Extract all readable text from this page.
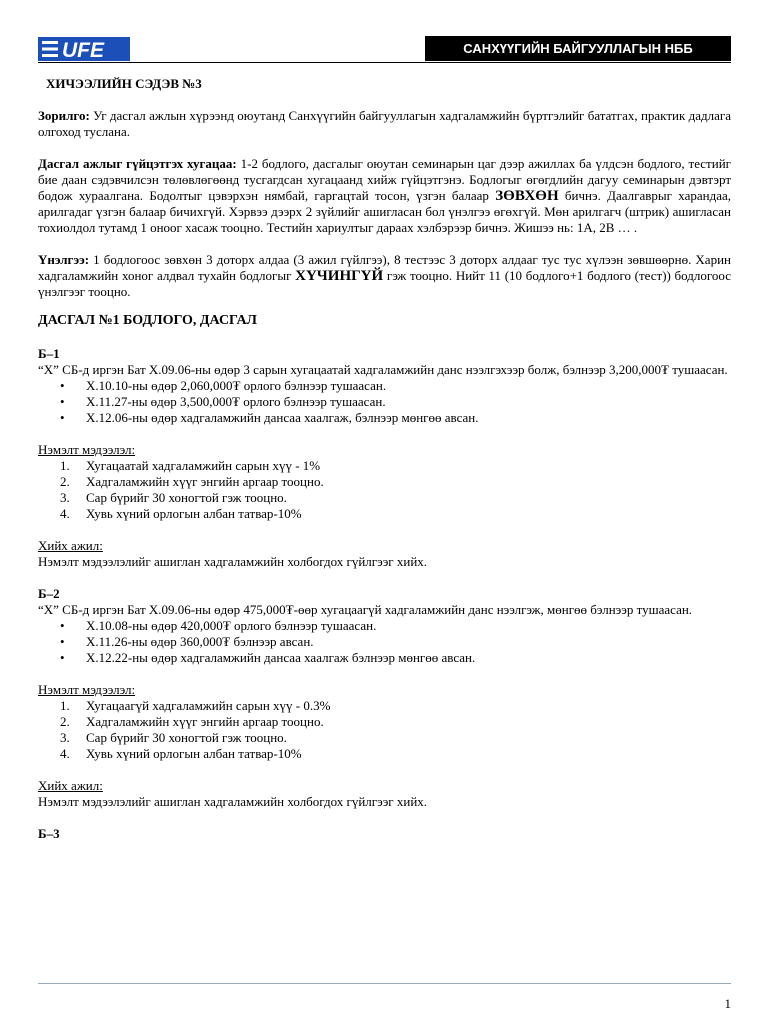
UFE	САНХҮҮГИЙН БАЙГУУЛЛАГЫН НББ

ХИЧЭЭЛИЙН СЭДЭВ №3

Зорилго: Уг дасгал ажлын хүрээнд оюутанд Санхүүгийн байгууллагын хадгаламжийн бүртгэлийг бататгах, практик дадлага олгоход туслана.

Дасгал ажлыг гүйцэтгэх хугацаа: 1-2 бодлого, дасгалыг оюутан семинарын цаг дээр ажиллах ба үлдсэн бодлого, тестийг бие даан сэдэвчилсэн төлөвлөгөөнд тусгагдсан хугацаанд хийж гүйцэтгэнэ. Бодлогыг өгөгдлийн дагуу семинарын дэвтэрт бодож хураалгана. Бодолтыг цэвэрхэн нямбай, гаргацтай тосон, үзгэн балаар ЗӨВХӨН бичнэ. Даалгаврыг харандаа, арилгадаг үзгэн балаар бичихгүй. Хэрвээ дээрх 2 зүйлийг ашигласан бол үнэлгээ өгөхгүй. Мөн арилгагч (штрик) ашигласан тохиолдол тутамд 1 оноог хасаж тооцно. Тестийн хариултыг дараах хэлбэрээр бичнэ. Жишээ нь: 1А, 2В … .

Үнэлгээ: 1 бодлогоос зөвхөн 3 доторх алдаа (3 ажил гүйлгээ), 8 тестээс 3 доторх алдааг тус тус хүлээн зөвшөөрнө. Харин хадгаламжийн хоног алдвал тухайн бодлогыг ХҮЧИНГҮЙ гэж тооцно. Нийт 11 (10 бодлого+1 бодлого (тест)) бодлогоос үнэлгээг тооцно.

ДАСГАЛ №1 БОДЛОГО, ДАСГАЛ

Б–1

“X” СБ-д иргэн Бат X.09.06-ны өдөр 3 сарын хугацаатай хадгаламжийн данс нээлгэхээр болж, бэлнээр 3,200,000₮ тушаасан.

• X.10.10-ны өдөр 2,060,000₮ орлого бэлнээр тушаасан.
• X.11.27-ны өдөр 3,500,000₮ орлого бэлнээр тушаасан.
• X.12.06-ны өдөр хадгаламжийн дансаа хаалгаж, бэлнээр мөнгөө авсан.

Нэмэлт мэдээлэл:

1. Хугацаатай хадгаламжийн сарын хүү - 1%
2. Хадгаламжийн хүүг энгийн аргаар тооцно.
3. Сар бүрийг 30 хоногтой гэж тооцно.
4. Хувь хүний орлогын албан татвар-10%

Хийх ажил:

Нэмэлт мэдээлэлийг ашиглан хадгаламжийн холбогдох гүйлгээг хийх.

Б–2

“X” СБ-д иргэн Бат X.09.06-ны өдөр 475,000₮-өөр хугацаагүй хадгаламжийн данс нээлгэж, мөнгөө бэлнээр тушаасан.

• X.10.08-ны өдөр 420,000₮ орлого бэлнээр тушаасан.
• X.11.26-ны өдөр 360,000₮ бэлнээр авсан.
• X.12.22-ны өдөр хадгаламжийн дансаа хаалгаж бэлнээр мөнгөө авсан.

Нэмэлт мэдээлэл:

1. Хугацаагүй хадгаламжийн сарын хүү - 0.3%
2. Хадгаламжийн хүүг энгийн аргаар тооцно.
3. Сар бүрийг 30 хоногтой гэж тооцно.
4. Хувь хүний орлогын албан татвар-10%

Хийх ажил:

Нэмэлт мэдээлэлийг ашиглан хадгаламжийн холбогдох гүйлгээг хийх.

Б–3

1
